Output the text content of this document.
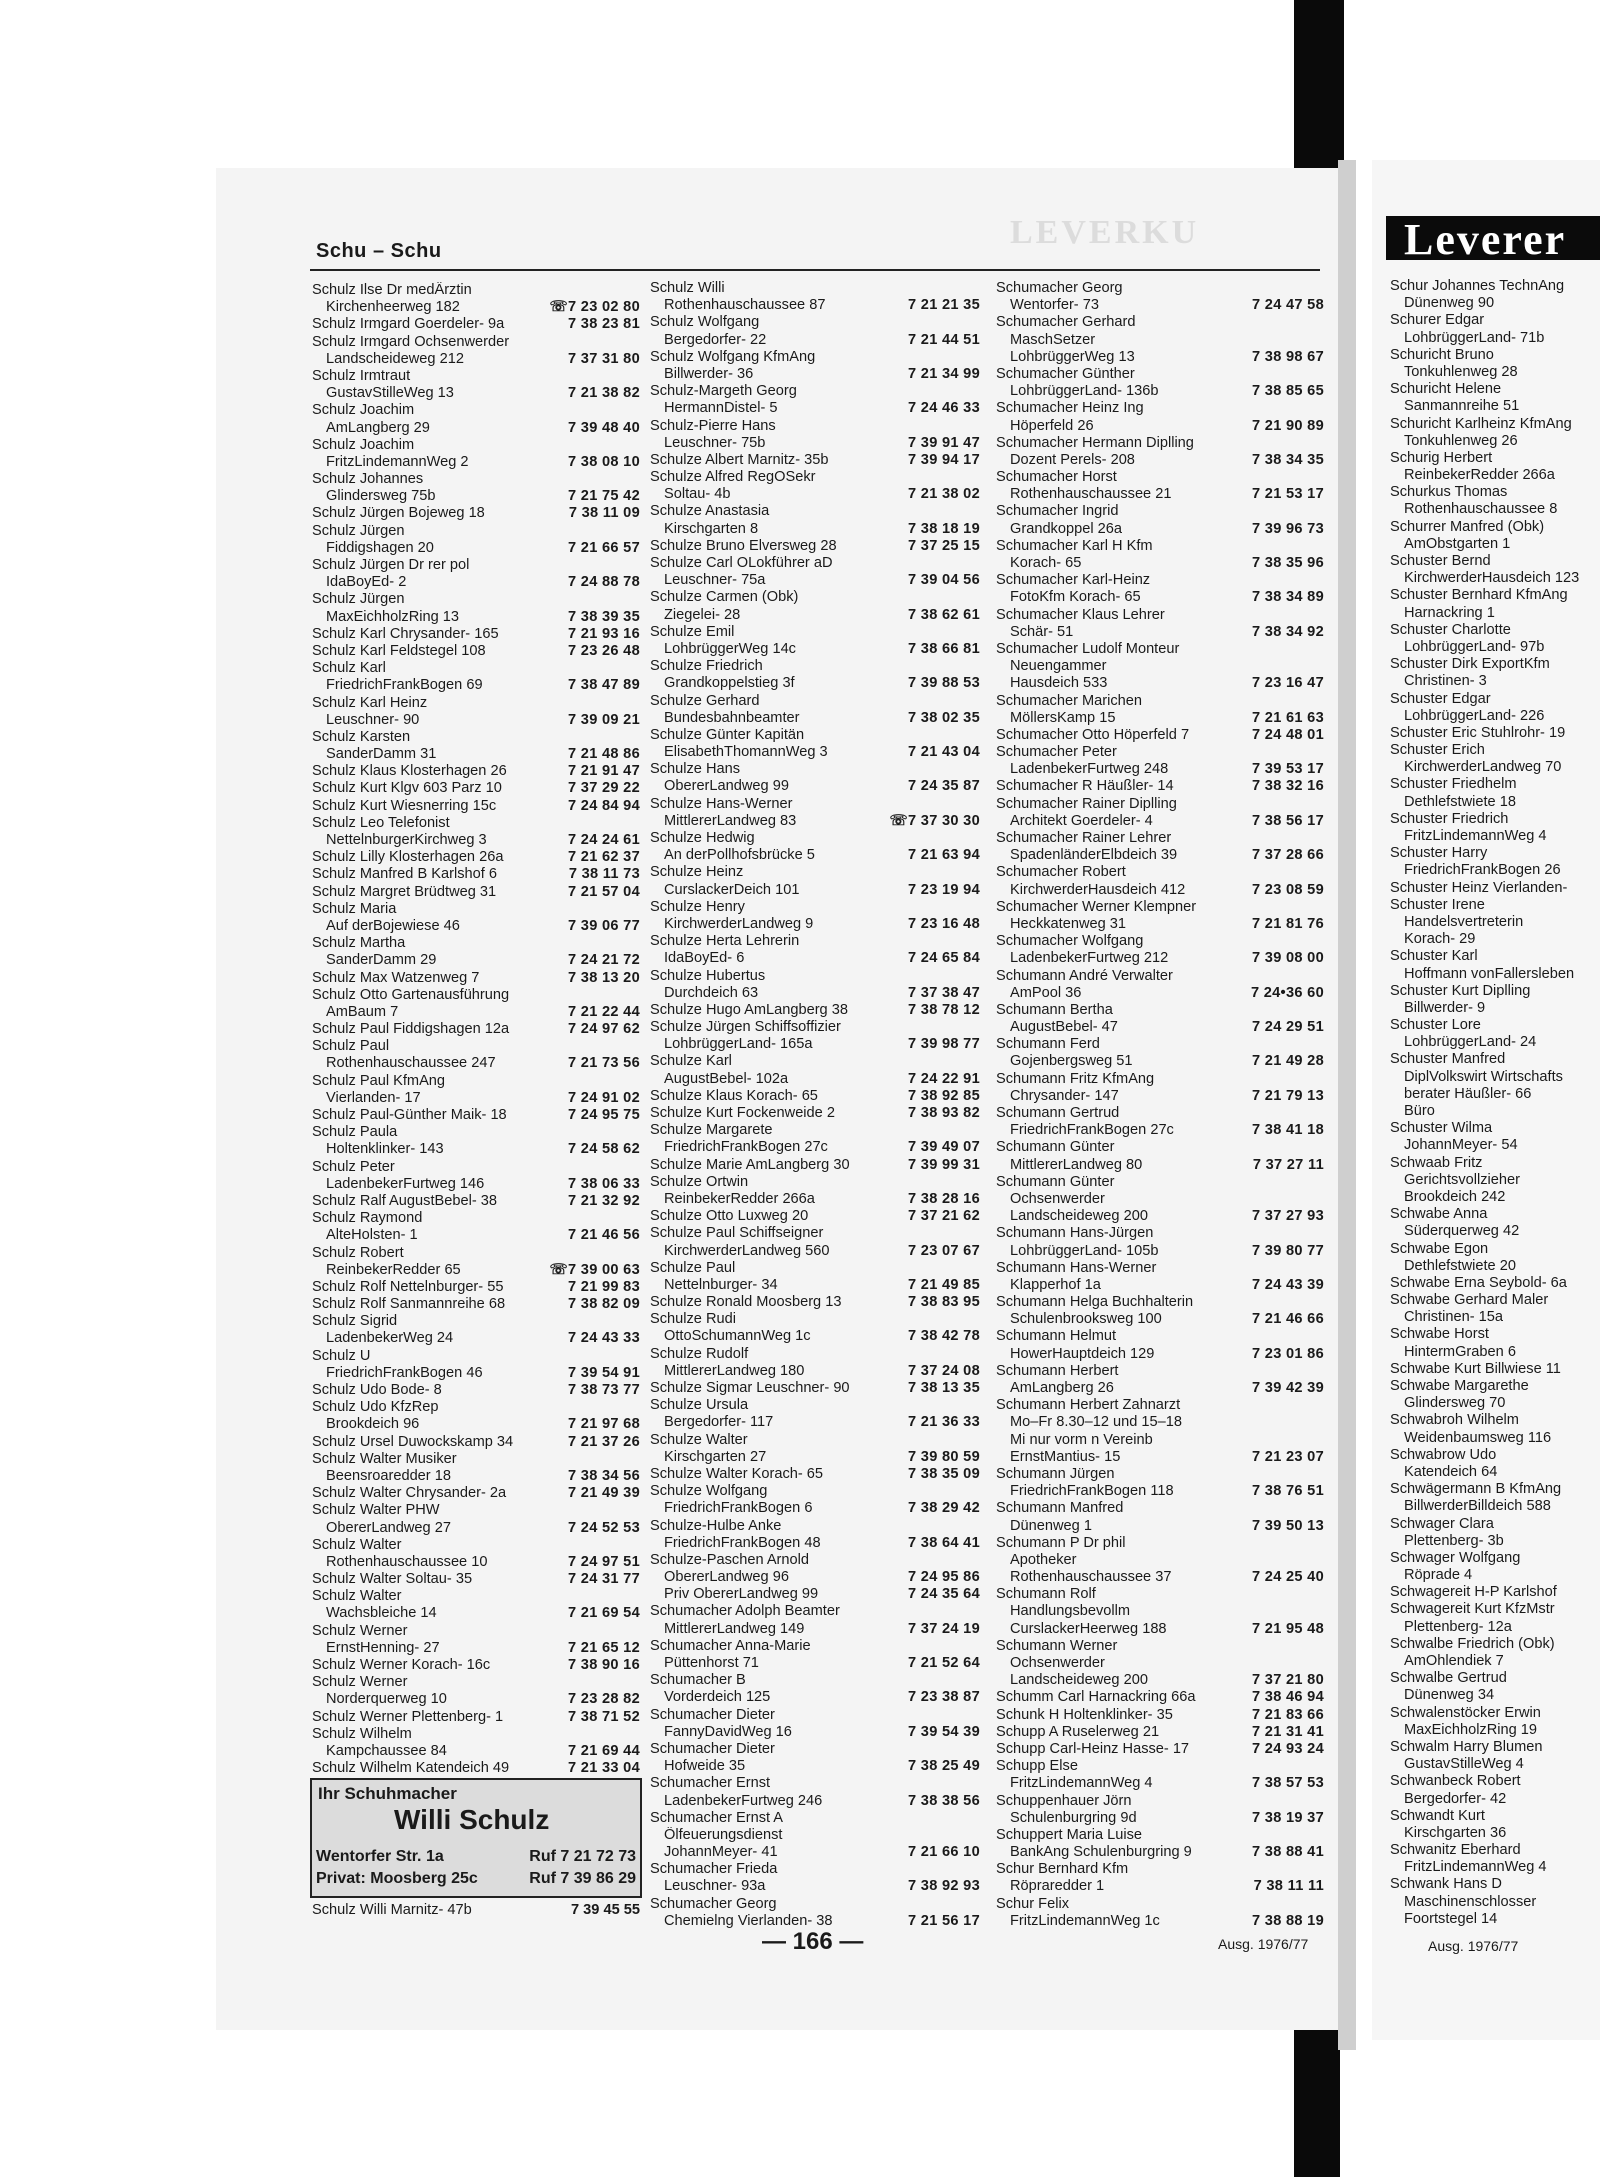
LEVERKU
Schu – Schu	Leverer
Schulz Ilse Dr medÄrztin
Kirchenheerweg 182	☏7 23 02 80
Schulz Irmgard Goerdeler- 9a	7 38 23 81
Schulz Irmgard Ochsenwerder
Landscheideweg 212	7 37 31 80
Schulz Irmtraut
GustavStilleWeg 13	7 21 38 82
Schulz Joachim
AmLangberg 29	7 39 48 40
Schulz Joachim
FritzLindemannWeg 2	7 38 08 10
Schulz Johannes
Glindersweg 75b	7 21 75 42
Schulz Jürgen Bojeweg 18	7 38 11 09
Schulz Jürgen
Fiddigshagen 20	7 21 66 57
Schulz Jürgen Dr rer pol
IdaBoyEd- 2	7 24 88 78
Schulz Jürgen
MaxEichholzRing 13	7 38 39 35
Schulz Karl Chrysander- 165	7 21 93 16
Schulz Karl Feldstegel 108	7 23 26 48
Schulz Karl
FriedrichFrankBogen 69	7 38 47 89
Schulz Karl Heinz
Leuschner- 90	7 39 09 21
Schulz Karsten
SanderDamm 31	7 21 48 86
Schulz Klaus Klosterhagen 26	7 21 91 47
Schulz Kurt Klgv 603 Parz 10	7 37 29 22
Schulz Kurt Wiesnerring 15c	7 24 84 94
Schulz Leo Telefonist
NettelnburgerKirchweg 3	7 24 24 61
Schulz Lilly Klosterhagen 26a	7 21 62 37
Schulz Manfred B Karlshof 6	7 38 11 73
Schulz Margret Brüdtweg 31	7 21 57 04
Schulz Maria
Auf derBojewiese 46	7 39 06 77
Schulz Martha
SanderDamm 29	7 24 21 72
Schulz Max Watzenweg 7	7 38 13 20
Schulz Otto Gartenausführung
AmBaum 7	7 21 22 44
Schulz Paul Fiddigshagen 12a	7 24 97 62
Schulz Paul
Rothenhauschaussee 247	7 21 73 56
Schulz Paul KfmAng
Vierlanden- 17	7 24 91 02
Schulz Paul-Günther Maik- 18	7 24 95 75
Schulz Paula
Holtenklinker- 143	7 24 58 62
Schulz Peter
LadenbekerFurtweg 146	7 38 06 33
Schulz Ralf AugustBebel- 38	7 21 32 92
Schulz Raymond
AlteHolsten- 1	7 21 46 56
Schulz Robert
ReinbekerRedder 65	☏7 39 00 63
Schulz Rolf Nettelnburger- 55	7 21 99 83
Schulz Rolf Sanmannreihe 68	7 38 82 09
Schulz Sigrid
LadenbekerWeg 24	7 24 43 33
Schulz U
FriedrichFrankBogen 46	7 39 54 91
Schulz Udo Bode- 8	7 38 73 77
Schulz Udo KfzRep
Brookdeich 96	7 21 97 68
Schulz Ursel Duwockskamp 34	7 21 37 26
Schulz Walter Musiker
Beensroaredder 18	7 38 34 56
Schulz Walter Chrysander- 2a	7 21 49 39
Schulz Walter PHW
ObererLandweg 27	7 24 52 53
Schulz Walter
Rothenhauschaussee 10	7 24 97 51
Schulz Walter Soltau- 35	7 24 31 77
Schulz Walter
Wachsbleiche 14	7 21 69 54
Schulz Werner
ErnstHenning- 27	7 21 65 12
Schulz Werner Korach- 16c	7 38 90 16
Schulz Werner
Norderquerweg 10	7 23 28 82
Schulz Werner Plettenberg- 1	7 38 71 52
Schulz Wilhelm
Kampchaussee 84	7 21 69 44
Schulz Wilhelm Katendeich 49	7 21 33 04
Schulz Willi
Rothenhauschaussee 87	7 21 21 35
Schulz Wolfgang
Bergedorfer- 22	7 21 44 51
Schulz Wolfgang KfmAng
Billwerder- 36	7 21 34 99
Schulz-Margeth Georg
HermannDistel- 5	7 24 46 33
Schulz-Pierre Hans
Leuschner- 75b	7 39 91 47
Schulze Albert Marnitz- 35b	7 39 94 17
Schulze Alfred RegOSekr
Soltau- 4b	7 21 38 02
Schulze Anastasia
Kirschgarten 8	7 38 18 19
Schulze Bruno Elversweg 28	7 37 25 15
Schulze Carl OLokführer aD
Leuschner- 75a	7 39 04 56
Schulze Carmen (Obk)
Ziegelei- 28	7 38 62 61
Schulze Emil
LohbrüggerWeg 14c	7 38 66 81
Schulze Friedrich
Grandkoppelstieg 3f	7 39 88 53
Schulze Gerhard
Bundesbahnbeamter	7 38 02 35
Schulze Günter Kapitän
ElisabethThomannWeg 3	7 21 43 04
Schulze Hans
ObererLandweg 99	7 24 35 87
Schulze Hans-Werner
MittlererLandweg 83	☏7 37 30 30
Schulze Hedwig
An derPollhofsbrücke 5	7 21 63 94
Schulze Heinz
CurslackerDeich 101	7 23 19 94
Schulze Henry
KirchwerderLandweg 9	7 23 16 48
Schulze Herta Lehrerin
IdaBoyEd- 6	7 24 65 84
Schulze Hubertus
Durchdeich 63	7 37 38 47
Schulze Hugo AmLangberg 38	7 38 78 12
Schulze Jürgen Schiffsoffizier
LohbrüggerLand- 165a	7 39 98 77
Schulze Karl
AugustBebel- 102a	7 24 22 91
Schulze Klaus Korach- 65	7 38 92 85
Schulze Kurt Fockenweide 2	7 38 93 82
Schulze Margarete
FriedrichFrankBogen 27c	7 39 49 07
Schulze Marie AmLangberg 30	7 39 99 31
Schulze Ortwin
ReinbekerRedder 266a	7 38 28 16
Schulze Otto Luxweg 20	7 37 21 62
Schulze Paul Schiffseigner
KirchwerderLandweg 560	7 23 07 67
Schulze Paul
Nettelnburger- 34	7 21 49 85
Schulze Ronald Moosberg 13	7 38 83 95
Schulze Rudi
OttoSchumannWeg 1c	7 38 42 78
Schulze Rudolf
MittlererLandweg 180	7 37 24 08
Schulze Sigmar Leuschner- 90	7 38 13 35
Schulze Ursula
Bergedorfer- 117	7 21 36 33
Schulze Walter
Kirschgarten 27	7 39 80 59
Schulze Walter Korach- 65	7 38 35 09
Schulze Wolfgang
FriedrichFrankBogen 6	7 38 29 42
Schulze-Hulbe Anke
FriedrichFrankBogen 48	7 38 64 41
Schulze-Paschen Arnold
ObererLandweg 96	7 24 95 86
Priv ObererLandweg 99	7 24 35 64
Schumacher Adolph Beamter
MittlererLandweg 149	7 37 24 19
Schumacher Anna-Marie
Püttenhorst 71	7 21 52 64
Schumacher B
Vorderdeich 125	7 23 38 87
Schumacher Dieter
FannyDavidWeg 16	7 39 54 39
Schumacher Dieter
Hofweide 35	7 38 25 49
Schumacher Ernst
LadenbekerFurtweg 246	7 38 38 56
Schumacher Ernst A
Ölfeuerungsdienst
JohannMeyer- 41	7 21 66 10
Schumacher Frieda
Leuschner- 93a	7 38 92 93
Schumacher Georg
Chemielng Vierlanden- 38	7 21 56 17
Schumacher Georg
Wentorfer- 73	7 24 47 58
Schumacher Gerhard
MaschSetzer
LohbrüggerWeg 13	7 38 98 67
Schumacher Günther
LohbrüggerLand- 136b	7 38 85 65
Schumacher Heinz Ing
Höperfeld 26	7 21 90 89
Schumacher Hermann Diplling
Dozent Perels- 208	7 38 34 35
Schumacher Horst
Rothenhauschaussee 21	7 21 53 17
Schumacher Ingrid
Grandkoppel 26a	7 39 96 73
Schumacher Karl H Kfm
Korach- 65	7 38 35 96
Schumacher Karl-Heinz
FotoKfm Korach- 65	7 38 34 89
Schumacher Klaus Lehrer
Schär- 51	7 38 34 92
Schumacher Ludolf Monteur
Neuengammer
Hausdeich 533	7 23 16 47
Schumacher Marichen
MöllersKamp 15	7 21 61 63
Schumacher Otto Höperfeld 7	7 24 48 01
Schumacher Peter
LadenbekerFurtweg 248	7 39 53 17
Schumacher R Häußler- 14	7 38 32 16
Schumacher Rainer Diplling
Architekt Goerdeler- 4	7 38 56 17
Schumacher Rainer Lehrer
SpadenländerElbdeich 39	7 37 28 66
Schumacher Robert
KirchwerderHausdeich 412	7 23 08 59
Schumacher Werner Klempner
Heckkatenweg 31	7 21 81 76
Schumacher Wolfgang
LadenbekerFurtweg 212	7 39 08 00
Schumann André Verwalter
AmPool 36	7 24•36 60
Schumann Bertha
AugustBebel- 47	7 24 29 51
Schumann Ferd
Gojenbergsweg 51	7 21 49 28
Schumann Fritz KfmAng
Chrysander- 147	7 21 79 13
Schumann Gertrud
FriedrichFrankBogen 27c	7 38 41 18
Schumann Günter
MittlererLandweg 80	7 37 27 11
Schumann Günter
Ochsenwerder
Landscheideweg 200	7 37 27 93
Schumann Hans-Jürgen
LohbrüggerLand- 105b	7 39 80 77
Schumann Hans-Werner
Klapperhof 1a	7 24 43 39
Schumann Helga Buchhalterin
Schulenbrooksweg 100	7 21 46 66
Schumann Helmut
HowerHauptdeich 129	7 23 01 86
Schumann Herbert
AmLangberg 26	7 39 42 39
Schumann Herbert Zahnarzt
Mo–Fr 8.30–12 und 15–18
Mi nur vorm n Vereinb
ErnstMantius- 15	7 21 23 07
Schumann Jürgen
FriedrichFrankBogen 118	7 38 76 51
Schumann Manfred
Dünenweg 1	7 39 50 13
Schumann P Dr phil
Apotheker
Rothenhauschaussee 37	7 24 25 40
Schumann Rolf
Handlungsbevollm
CurslackerHeerweg 188	7 21 95 48
Schumann Werner
Ochsenwerder
Landscheideweg 200	7 37 21 80
Schumm Carl Harnackring 66a	7 38 46 94
Schunk H Holtenklinker- 35	7 21 83 66
Schupp A Ruselerweg 21	7 21 31 41
Schupp Carl-Heinz Hasse- 17	7 24 93 24
Schupp Else
FritzLindemannWeg 4	7 38 57 53
Schuppenhauer Jörn
Schulenburgring 9d	7 38 19 37
Schuppert Maria Luise
BankAng Schulenburgring 9	7 38 88 41
Schur Bernhard Kfm
Röpraredder 1	7 38 11 11
Schur Felix
FritzLindemannWeg 1c	7 38 88 19
Schur Johannes TechnAng
Dünenweg 90
Schurer Edgar
LohbrüggerLand- 71b
Schuricht Bruno
Tonkuhlenweg 28
Schuricht Helene
Sanmannreihe 51
Schuricht Karlheinz KfmAng
Tonkuhlenweg 26
Schurig Herbert
ReinbekerRedder 266a
Schurkus Thomas
Rothenhauschaussee 8
Schurrer Manfred (Obk)
AmObstgarten 1
Schuster Bernd
KirchwerderHausdeich 123
Schuster Bernhard KfmAng
Harnackring 1
Schuster Charlotte
LohbrüggerLand- 97b
Schuster Dirk ExportKfm
Christinen- 3
Schuster Edgar
LohbrüggerLand- 226
Schuster Eric Stuhlrohr- 19
Schuster Erich
KirchwerderLandweg 70
Schuster Friedhelm
Dethlefstwiete 18
Schuster Friedrich
FritzLindemannWeg 4
Schuster Harry
FriedrichFrankBogen 26
Schuster Heinz Vierlanden-
Schuster Irene
Handelsvertreterin
Korach- 29
Schuster Karl
Hoffmann vonFallersleben
Schuster Kurt Diplling
Billwerder- 9
Schuster Lore
LohbrüggerLand- 24
Schuster Manfred
DiplVolkswirt Wirtschafts
berater Häußler- 66
Büro
Schuster Wilma
JohannMeyer- 54
Schwaab Fritz
Gerichtsvollzieher
Brookdeich 242
Schwabe Anna
Süderquerweg 42
Schwabe Egon
Dethlefstwiete 20
Schwabe Erna Seybold- 6a
Schwabe Gerhard Maler
Christinen- 15a
Schwabe Horst
HintermGraben 6
Schwabe Kurt Billwiese 11
Schwabe Margarethe
Glindersweg 70
Schwabroh Wilhelm
Weidenbaumsweg 116
Schwabrow Udo
Katendeich 64
Schwägermann B KfmAng
BillwerderBilldeich 588
Schwager Clara
Plettenberg- 3b
Schwager Wolfgang
Röprade 4
Schwagereit H-P Karlshof
Schwagereit Kurt KfzMstr
Plettenberg- 12a
Schwalbe Friedrich (Obk)
AmOhlendiek 7
Schwalbe Gertrud
Dünenweg 34
Schwalenstöcker Erwin
MaxEichholzRing 19
Schwalm Harry Blumen
GustavStilleWeg 4
Schwanbeck Robert
Bergedorfer- 42
Schwandt Kurt
Kirschgarten 36
Schwanitz Eberhard
FritzLindemannWeg 4
Schwank Hans D
Maschinenschlosser
Foortstegel 14
Ihr Schuhmacher
Willi Schulz
Wentorfer Str. 1a	Ruf 7 21 72 73
Privat: Moosberg 25c	Ruf 7 39 86 29
Schulz Willi Marnitz- 47b	7 39 45 55
— 166 —	Ausg. 1976/77	Ausg. 1976/77
